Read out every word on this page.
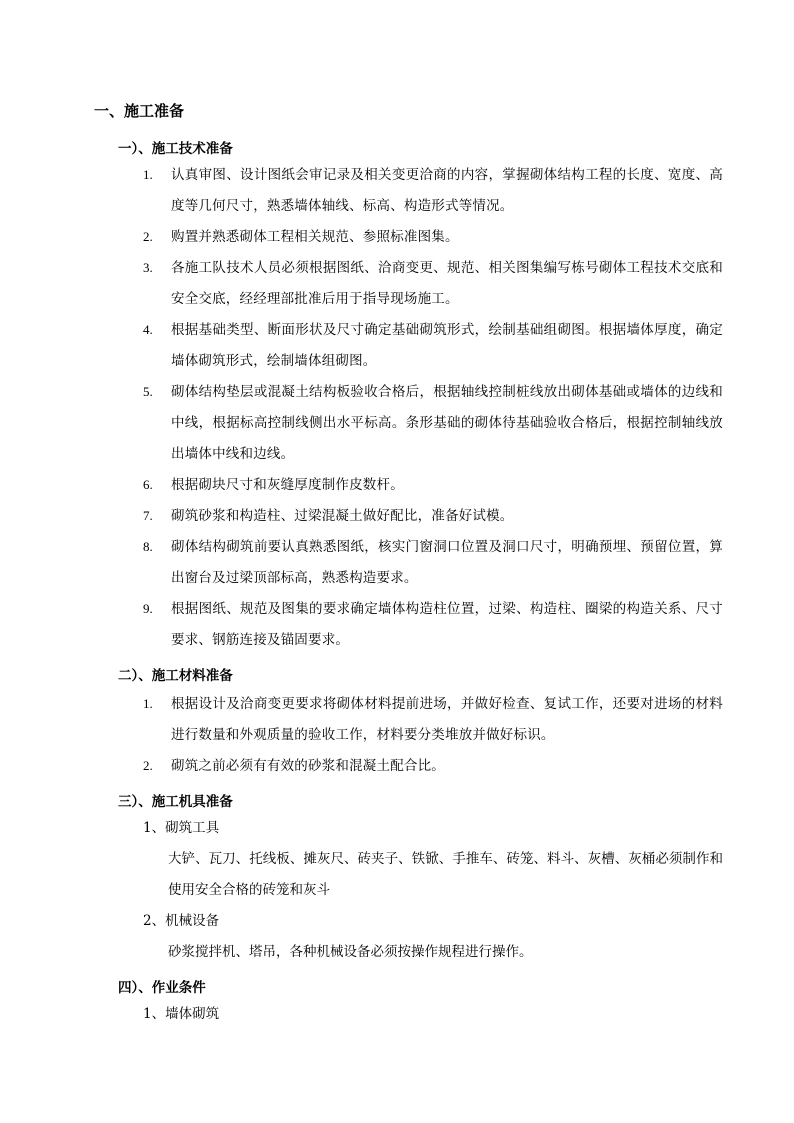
一、施工准备
一）、施工技术准备
1. 认真审图、设计图纸会审记录及相关变更洽商的内容，掌握砌体结构工程的长度、宽度、高度等几何尺寸，熟悉墙体轴线、标高、构造形式等情况。
2. 购置并熟悉砌体工程相关规范、参照标准图集。
3. 各施工队技术人员必须根据图纸、洽商变更、规范、相关图集编写栋号砌体工程技术交底和安全交底，经经理部批准后用于指导现场施工。
4. 根据基础类型、断面形状及尺寸确定基础砌筑形式，绘制基础组砌图。根据墙体厚度，确定墙体砌筑形式，绘制墙体组砌图。
5. 砌体结构垫层或混凝土结构板验收合格后，根据轴线控制桩线放出砌体基础或墙体的边线和中线，根据标高控制线侧出水平标高。条形基础的砌体待基础验收合格后，根据控制轴线放出墙体中线和边线。
6. 根据砌块尺寸和灰缝厚度制作皮数杆。
7. 砌筑砂浆和构造柱、过梁混凝土做好配比，准备好试模。
8. 砌体结构砌筑前要认真熟悉图纸，核实门窗洞口位置及洞口尺寸，明确预埋、预留位置，算出窗台及过梁顶部标高，熟悉构造要求。
9. 根据图纸、规范及图集的要求确定墙体构造柱位置，过梁、构造柱、圈梁的构造关系、尺寸要求、钢筋连接及锚固要求。
二）、施工材料准备
1. 根据设计及洽商变更要求将砌体材料提前进场，并做好检查、复试工作，还要对进场的材料进行数量和外观质量的验收工作，材料要分类堆放并做好标识。
2. 砌筑之前必须有有效的砂浆和混凝土配合比。
三）、施工机具准备
1、砌筑工具
大铲、瓦刀、托线板、摊灰尺、砖夹子、铁锨、手推车、砖笼、料斗、灰槽、灰桶必须制作和使用安全合格的砖笼和灰斗
2、机械设备
砂浆搅拌机、塔吊，各种机械设备必须按操作规程进行操作。
四）、作业条件
1、墙体砌筑
